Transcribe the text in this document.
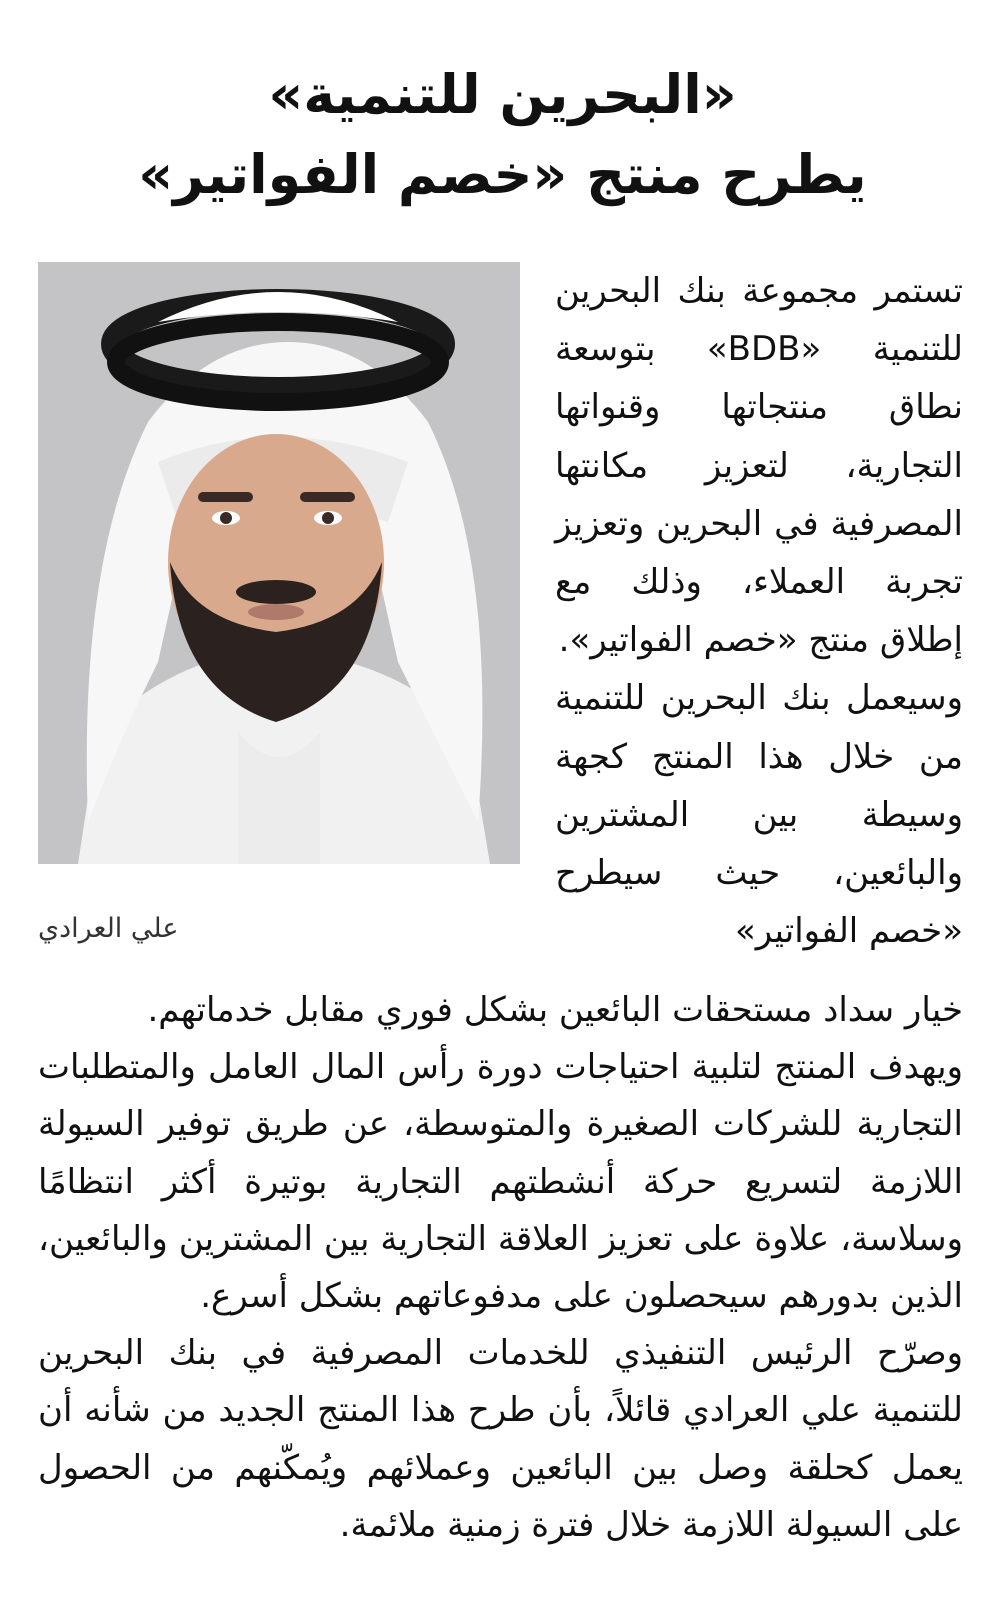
«البحرين للتنمية»
يطرح منتج «خصم الفواتير»
علي العرادي

تستمر مجموعة بنك البحرين للتنمية «BDB» بتوسعة نطاق منتجاتها وقنواتها التجارية، لتعزيز مكانتها المصرفية في البحرين وتعزيز تجربة العملاء، وذلك مع إطلاق منتج «خصم الفواتير».
وسيعمل بنك البحرين للتنمية من خلال هذا المنتج كجهة وسيطة بين المشترين والبائعين، حيث سيطرح «خصم الفواتير»

خيار سداد مستحقات البائعين بشكل فوري مقابل خدماتهم.

ويهدف المنتج لتلبية احتياجات دورة رأس المال العامل والمتطلبات التجارية للشركات الصغيرة والمتوسطة، عن طريق توفير السيولة اللازمة لتسريع حركة أنشطتهم التجارية بوتيرة أكثر انتظامًا وسلاسة، علاوة على تعزيز العلاقة التجارية بين المشترين والبائعين، الذين بدورهم سيحصلون على مدفوعاتهم بشكل أسرع.

وصرّح الرئيس التنفيذي للخدمات المصرفية في بنك البحرين للتنمية علي العرادي قائلاً، بأن طرح هذا المنتج الجديد من شأنه أن يعمل كحلقة وصل بين البائعين وعملائهم ويُمكّنهم من الحصول على السيولة اللازمة خلال فترة زمنية ملائمة.
